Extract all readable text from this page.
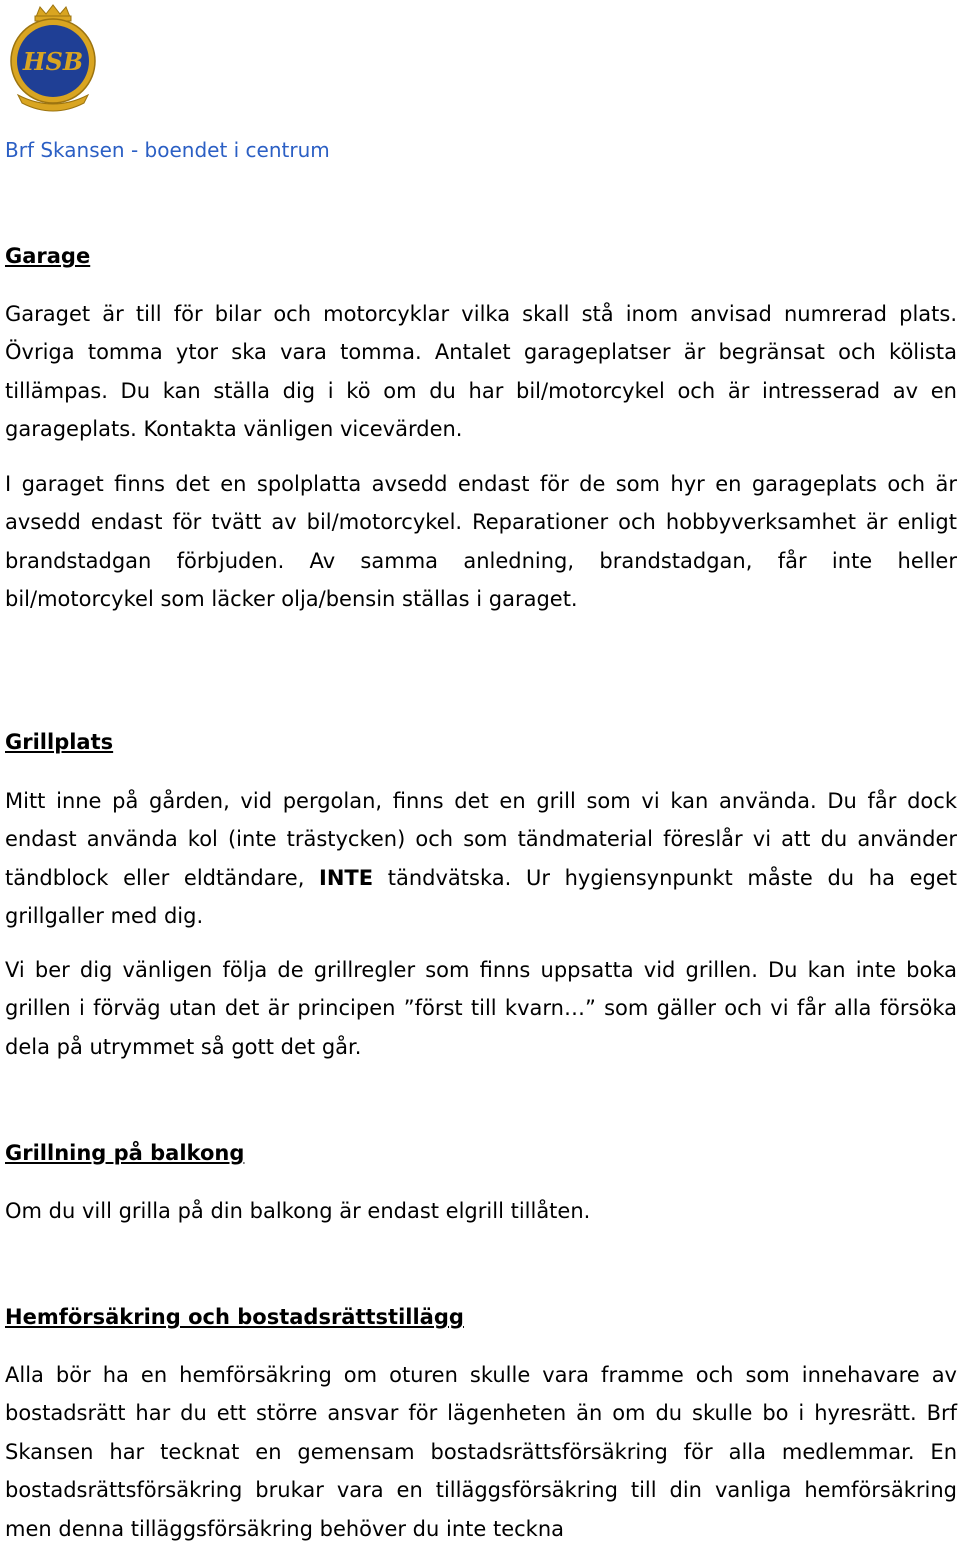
HSB

Brf Skansen - boendet i centrum

Garage

Garaget är till för bilar och motorcyklar vilka skall stå inom anvisad numrerad plats. Övriga tomma ytor ska vara tomma. Antalet garageplatser är begränsat och kölista tillämpas. Du kan ställa dig i kö om du har bil/motorcykel och är intresserad av en garageplats. Kontakta vänligen vicevärden.

I garaget finns det en spolplatta avsedd endast för de som hyr en garageplats och är avsedd endast för tvätt av bil/motorcykel. Reparationer och hobbyverksamhet är enligt brandstadgan förbjuden. Av samma anledning, brandstadgan, får inte heller bil/motorcykel som läcker olja/bensin ställas i garaget.

Grillplats

Mitt inne på gården, vid pergolan, finns det en grill som vi kan använda. Du får dock endast använda kol (inte trästycken) och som tändmaterial föreslår vi att du använder tändblock eller eldtändare, INTE tändvätska. Ur hygiensynpunkt måste du ha eget grillgaller med dig.

Vi ber dig vänligen följa de grillregler som finns uppsatta vid grillen. Du kan inte boka grillen i förväg utan det är principen ”först till kvarn…” som gäller och vi får alla försöka dela på utrymmet så gott det går.

Grillning på balkong

Om du vill grilla på din balkong är endast elgrill tillåten.

Hemförsäkring och bostadsrättstillägg

Alla bör ha en hemförsäkring om oturen skulle vara framme och som innehavare av bostadsrätt har du ett större ansvar för lägenheten än om du skulle bo i hyresrätt. Brf Skansen har tecknat en gemensam bostadsrättsförsäkring för alla medlemmar. En bostadsrättsförsäkring brukar vara en tilläggsförsäkring till din vanliga hemförsäkring men denna tilläggsförsäkring behöver du inte teckna
